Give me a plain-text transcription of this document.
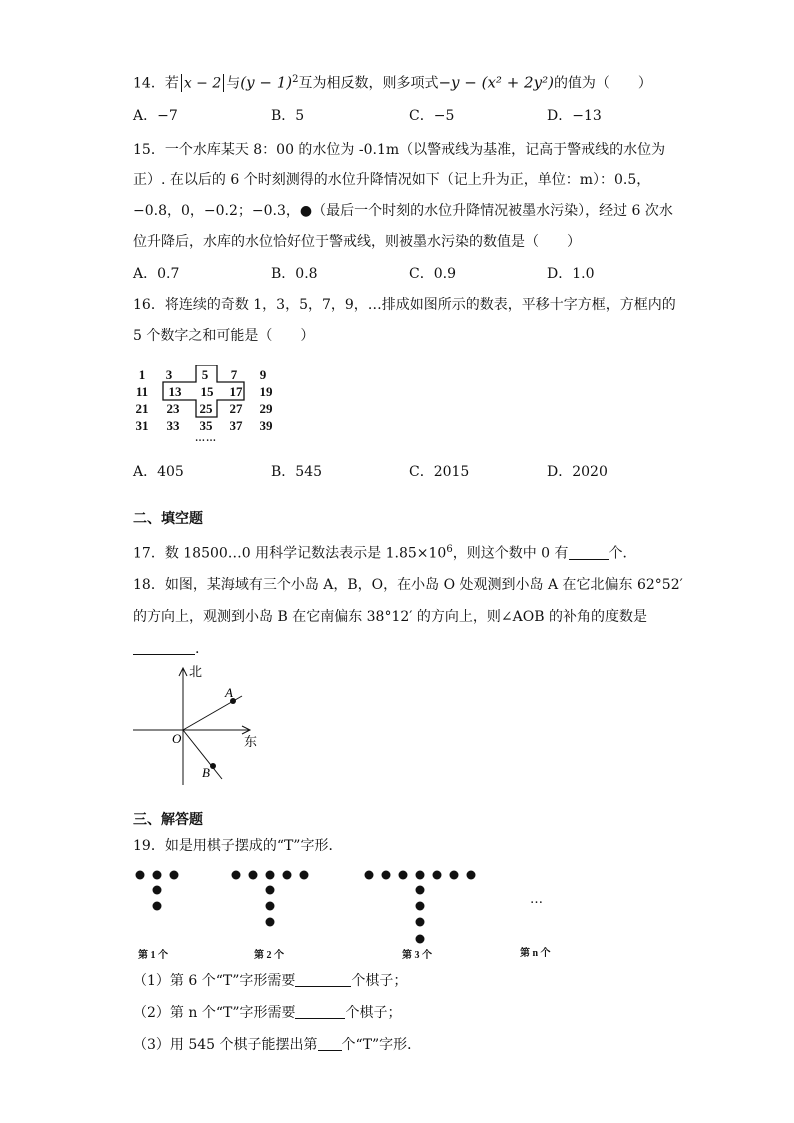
14．若 x − 2 与$(y - 1)^2$互为相反数，则多项式−y − (x² + 2y²)的值为（　　）
A．−7	B．5	C．−5	D．−13
15．一个水库某天 8：00 的水位为 -0.1m（以警戒线为基准，记高于警戒线的水位为
正）. 在以后的 6 个时刻测得的水位升降情况如下（记上升为正，单位：m）：0.5，
−0.8，0，−0.2；−0.3，●（最后一个时刻的水位升降情况被墨水污染），经过 6 次水
位升降后，水库的水位恰好位于警戒线，则被墨水污染的数值是（　　）
A．0.7	B．0.8	C．0.9	D．1.0
16．将连续的奇数 1，3，5，7，9，…排成如图所示的数表，平移十字方框，方框内的
5 个数字之和可能是（　　）
1	3	5	7	9
11	13	15	17	19
21	23	25	27	29
31	33	35	37	39
……
A．405	B．545	C．2015	D．2020
二、填空题
17．数 18500…0 用科学记数法表示是 $1.85\times 10^6$，则这个数中 0 有	个．
18．如图，某海域有三个小岛 A，B，O，在小岛 O 处观测到小岛 A 在它北偏东 62°52′
的方向上，观测到小岛 B 在它南偏东 38°12′ 的方向上，则∠AOB 的补角的度数是
.
北
东
O
A
B
三、解答题
19．如是用棋子摆成的“T”字形．
…
第 1 个	第 2 个	第 3 个	第 n 个
（1）第 6 个“T”字形需要	个棋子；
（2）第 n 个“T”字形需要	个棋子；
（3）用 545 个棋子能摆出第 个“T”字形．
